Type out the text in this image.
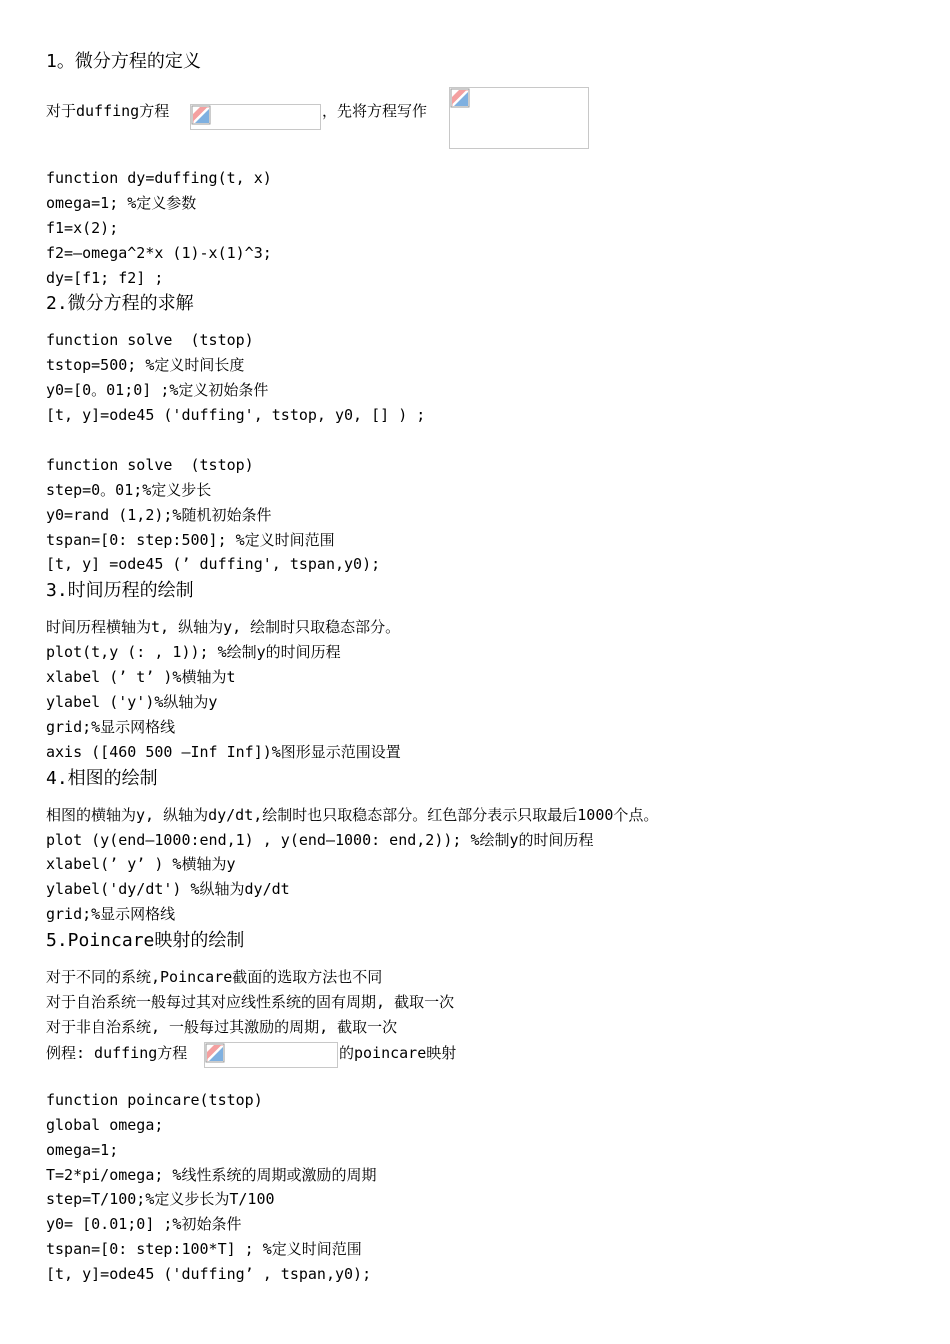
1。微分方程的定义
对于duffing方程	，先将方程写作
function dy=duffing(t, x)
omega=1; %定义参数
f1=x(2);
f2=—omega^2*x (1)-x(1)^3;
dy=[f1; f2] ;
2.微分方程的求解
function solve  (tstop)
tstop=500; %定义时间长度
y0=[0。01;0] ;%定义初始条件
[t, y]=ode45 ('duffing', tstop, y0, [] ) ;
function solve  (tstop)
step=0。01;%定义步长
y0=rand (1,2);%随机初始条件
tspan=[0: step:500]; %定义时间范围
[t, y] =ode45 (’ duffing', tspan,y0);
3.时间历程的绘制
时间历程横轴为t, 纵轴为y, 绘制时只取稳态部分。
plot(t,y (: , 1)); %绘制y的时间历程
xlabel (’ t’ )%横轴为t
ylabel ('y')%纵轴为y
grid;%显示网格线
axis ([460 500 —Inf Inf])%图形显示范围设置
4.相图的绘制
相图的横轴为y, 纵轴为dy/dt,绘制时也只取稳态部分。红色部分表示只取最后1000个点。
plot (y(end—1000:end,1) , y(end—1000: end,2)); %绘制y的时间历程
xlabel(’ y’ ) %横轴为y
ylabel('dy/dt') %纵轴为dy/dt
grid;%显示网格线
5.Poincare映射的绘制
对于不同的系统,Poincare截面的选取方法也不同
对于自治系统一般每过其对应线性系统的固有周期, 截取一次
对于非自治系统, 一般每过其激励的周期, 截取一次
例程: duffing方程	的poincare映射
function poincare(tstop)
global omega;
omega=1;
T=2*pi/omega; %线性系统的周期或激励的周期
step=T/100;%定义步长为T/100
y0= [0.01;0] ;%初始条件
tspan=[0: step:100*T] ; %定义时间范围
[t, y]=ode45 ('duffing’ , tspan,y0);
